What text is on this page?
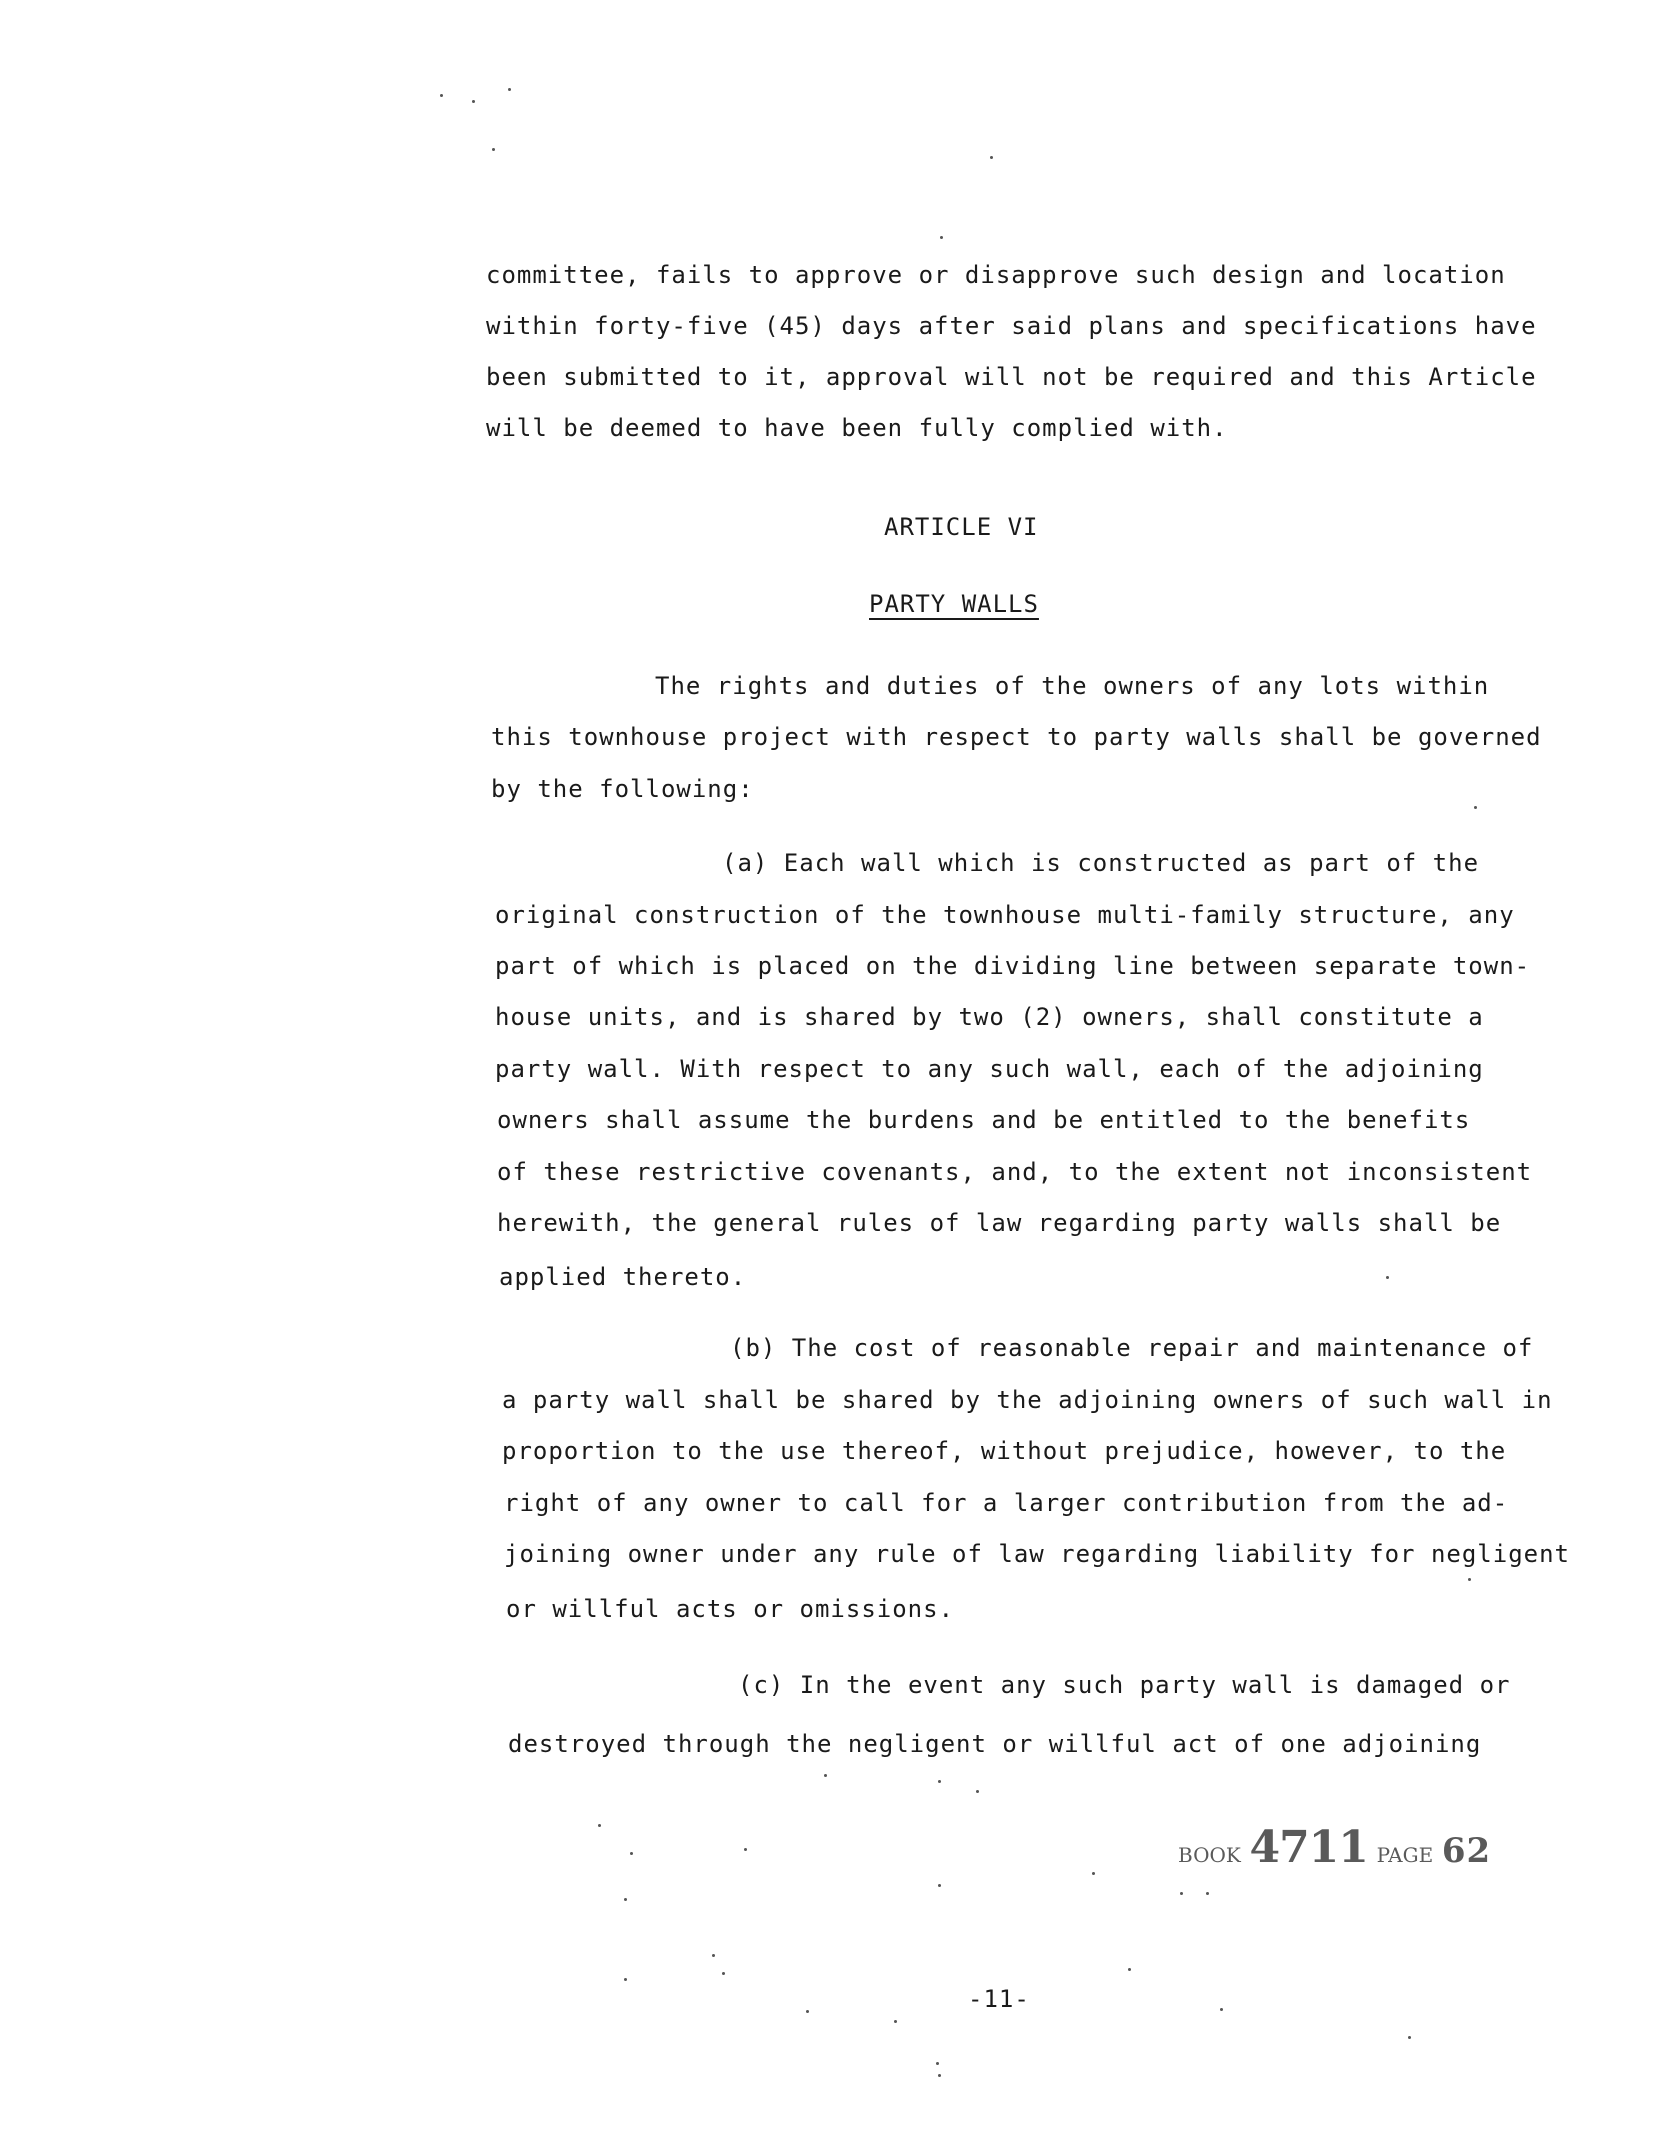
committee, fails to approve or disapprove such design and location
within forty-five (45) days after said plans and specifications have
been submitted to it, approval will not be required and this Article
will be deemed to have been fully complied with.
ARTICLE VI
PARTY WALLS
The rights and duties of the owners of any lots within
this townhouse project with respect to party walls shall be governed
by the following:
(a) Each wall which is constructed as part of the
original construction of the townhouse multi-family structure, any
part of which is placed on the dividing line between separate town-
house units, and is shared by two (2) owners, shall constitute a
party wall. With respect to any such wall, each of the adjoining
owners shall assume the burdens and be entitled to the benefits
of these restrictive covenants, and, to the extent not inconsistent
herewith, the general rules of law regarding party walls shall be
applied thereto.
(b) The cost of reasonable repair and maintenance of
a party wall shall be shared by the adjoining owners of such wall in
proportion to the use thereof, without prejudice, however, to the
right of any owner to call for a larger contribution from the ad-
joining owner under any rule of law regarding liability for negligent
or willful acts or omissions.
(c) In the event any such party wall is damaged or
destroyed through the negligent or willful act of one adjoining
BOOK 4711 PAGE 62
-11-
